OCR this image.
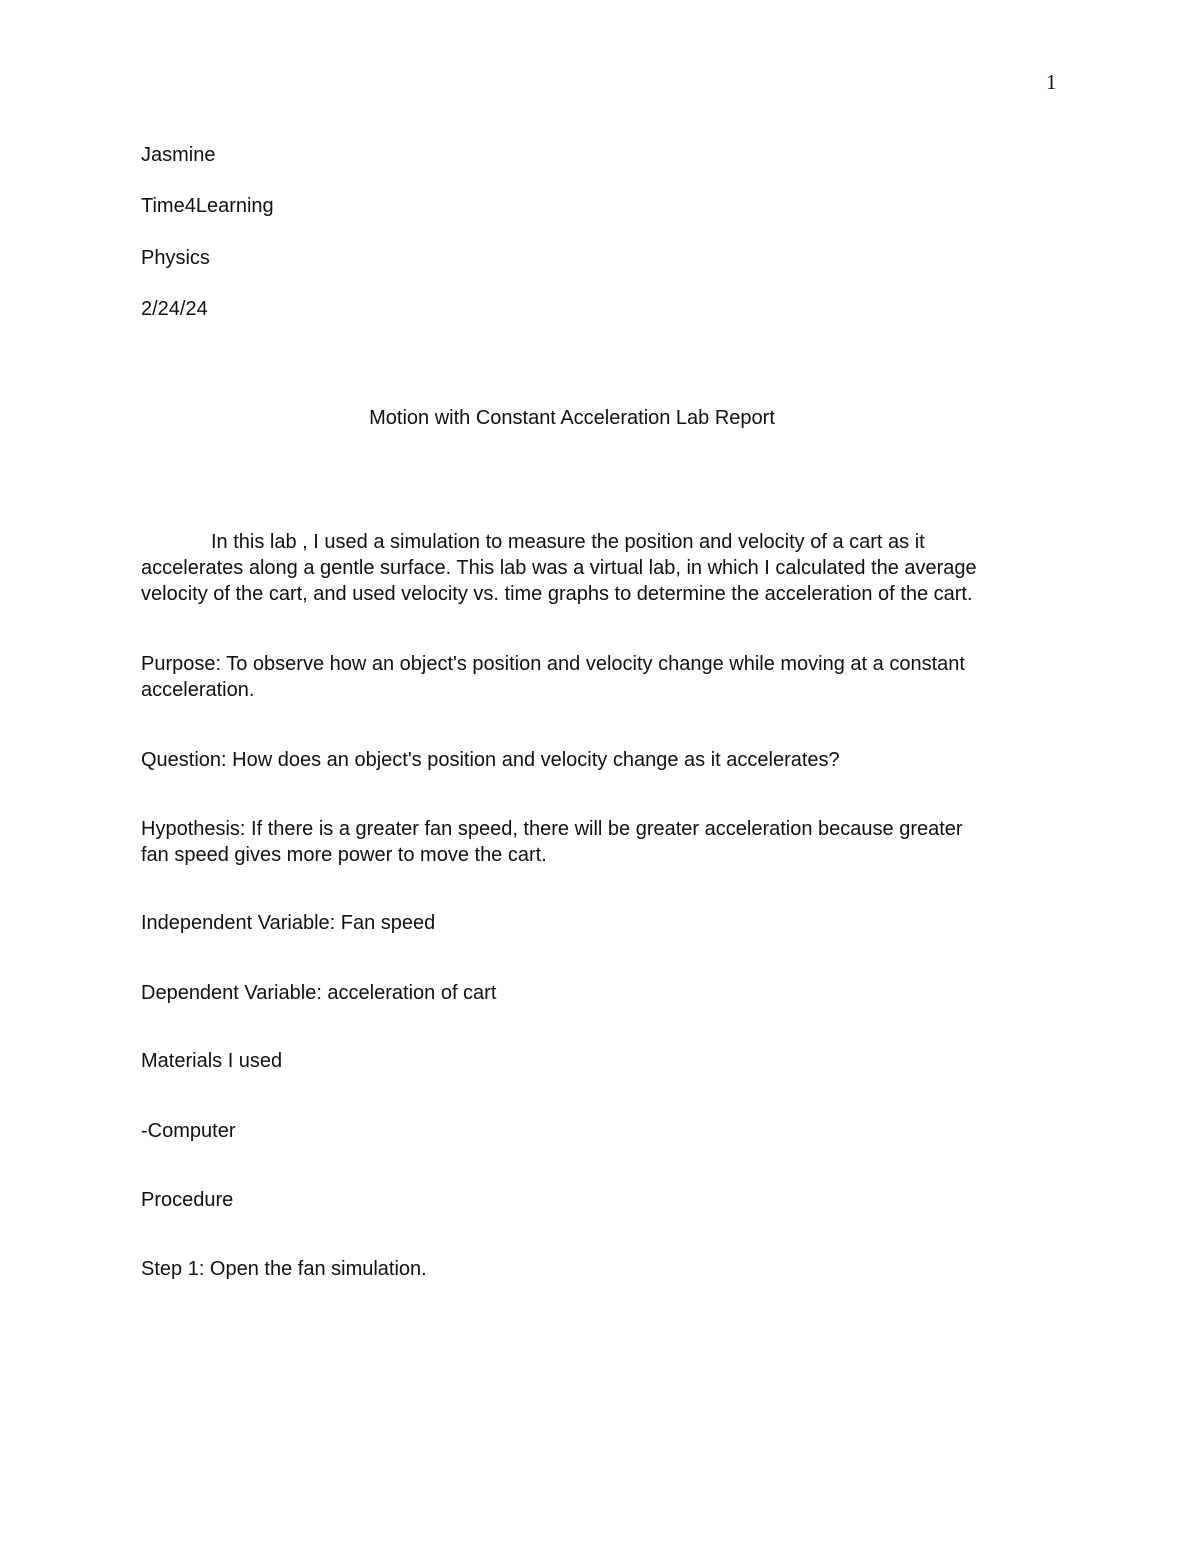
1
Jasmine
Time4Learning
Physics
2/24/24
Motion with Constant Acceleration Lab Report
In this lab , I used a simulation to measure the position and velocity of a cart as it
accelerates along a gentle surface. This lab was a virtual lab, in which I calculated the average
velocity of the cart, and used velocity vs. time graphs to determine the acceleration of the cart.
Purpose: To observe how an object's position and velocity change while moving at a constant
acceleration.
Question: How does an object's position and velocity change as it accelerates?
Hypothesis: If there is a greater fan speed, there will be greater acceleration because greater
fan speed gives more power to move the cart.
Independent Variable: Fan speed
Dependent Variable: acceleration of cart
Materials I used
-Computer
Procedure
Step 1: Open the fan simulation.
